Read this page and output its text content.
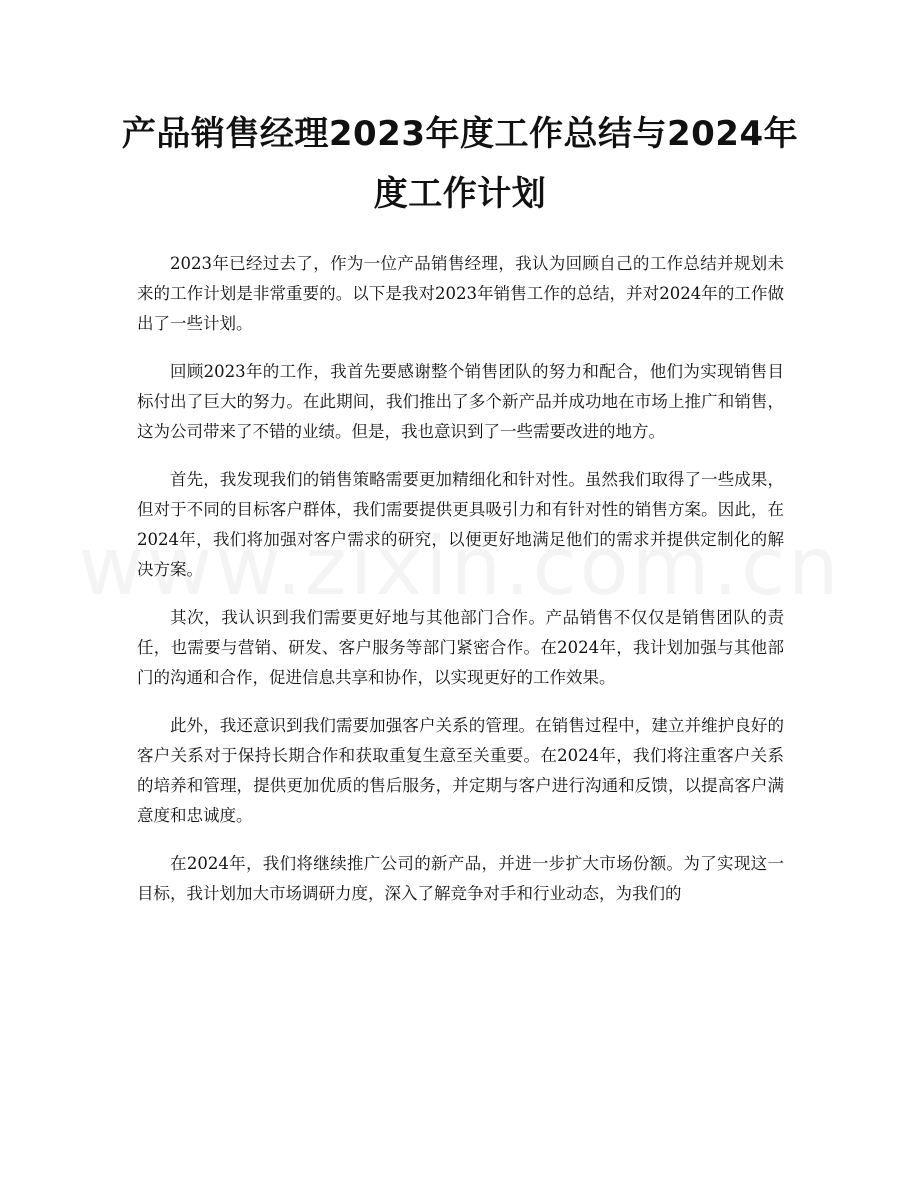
产品销售经理2023年度工作总结与2024年度工作计划

2023年已经过去了，作为一位产品销售经理，我认为回顾自己的工作总结并规划未来的工作计划是非常重要的。以下是我对2023年销售工作的总结，并对2024年的工作做出了一些计划。

回顾2023年的工作，我首先要感谢整个销售团队的努力和配合，他们为实现销售目标付出了巨大的努力。在此期间，我们推出了多个新产品并成功地在市场上推广和销售，这为公司带来了不错的业绩。但是，我也意识到了一些需要改进的地方。

首先，我发现我们的销售策略需要更加精细化和针对性。虽然我们取得了一些成果，但对于不同的目标客户群体，我们需要提供更具吸引力和有针对性的销售方案。因此，在2024年，我们将加强对客户需求的研究，以便更好地满足他们的需求并提供定制化的解决方案。

其次，我认识到我们需要更好地与其他部门合作。产品销售不仅仅是销售团队的责任，也需要与营销、研发、客户服务等部门紧密合作。在2024年，我计划加强与其他部门的沟通和合作，促进信息共享和协作，以实现更好的工作效果。

此外，我还意识到我们需要加强客户关系的管理。在销售过程中，建立并维护良好的客户关系对于保持长期合作和获取重复生意至关重要。在2024年，我们将注重客户关系的培养和管理，提供更加优质的售后服务，并定期与客户进行沟通和反馈，以提高客户满意度和忠诚度。

在2024年，我们将继续推广公司的新产品，并进一步扩大市场份额。为了实现这一目标，我计划加大市场调研力度，深入了解竞争对手和行业动态，为我们的
